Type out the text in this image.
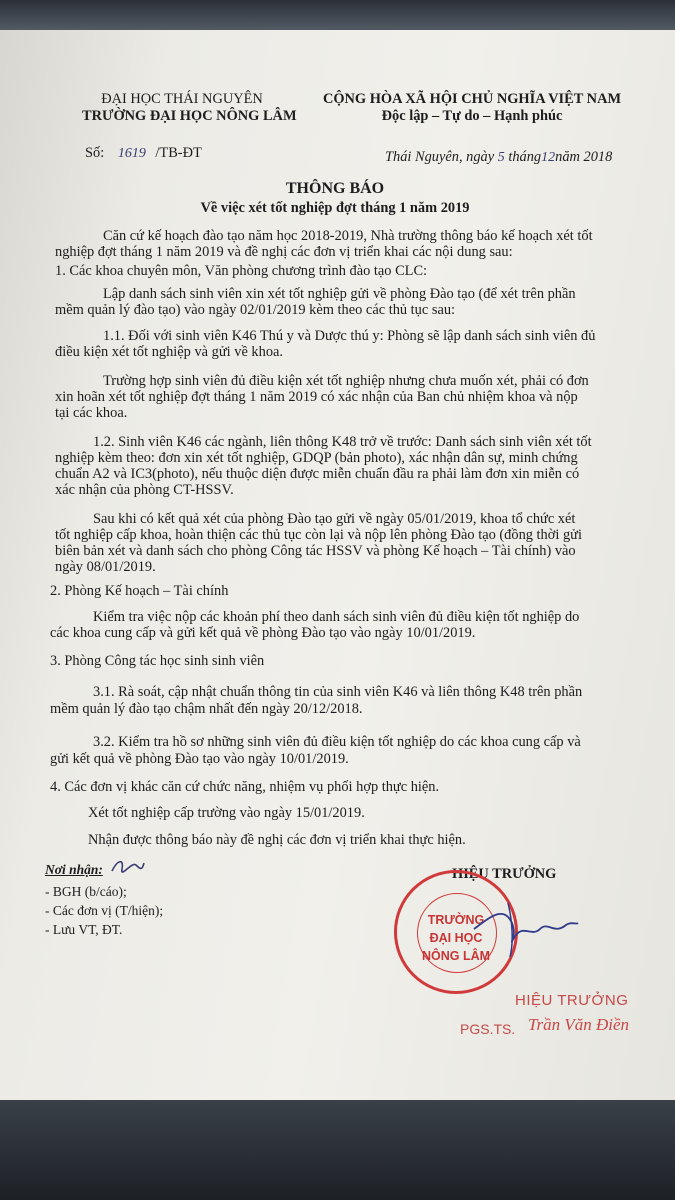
ĐẠI HỌC THÁI NGUYÊN
TRƯỜNG ĐẠI HỌC NÔNG LÂM
CỘNG HÒA XÃ HỘI CHỦ NGHĨA VIỆT NAM
Độc lập – Tự do – Hạnh phúc
Số: 1619 /TB-ĐT	Thái Nguyên, ngày 5 tháng12năm 2018
THÔNG BÁO
Về việc xét tốt nghiệp đợt tháng 1 năm 2019
Căn cứ kế hoạch đào tạo năm học 2018-2019, Nhà trường thông báo kế hoạch xét tốt
nghiệp đợt tháng 1 năm 2019 và đề nghị các đơn vị triển khai các nội dung sau:
1. Các khoa chuyên môn, Văn phòng chương trình đào tạo CLC:
Lập danh sách sinh viên xin xét tốt nghiệp gửi về phòng Đào tạo (để xét trên phần
mềm quản lý đào tạo) vào ngày 02/01/2019 kèm theo các thủ tục sau:
1.1. Đối với sinh viên K46 Thú y và Dược thú y: Phòng sẽ lập danh sách sinh viên đủ
điều kiện xét tốt nghiệp và gửi về khoa.
Trường hợp sinh viên đủ điều kiện xét tốt nghiệp nhưng chưa muốn xét, phải có đơn
xin hoãn xét tốt nghiệp đợt tháng 1 năm 2019 có xác nhận của Ban chủ nhiệm khoa và nộp
tại các khoa.
1.2. Sinh viên K46 các ngành, liên thông K48 trở về trước: Danh sách sinh viên xét tốt
nghiệp kèm theo: đơn xin xét tốt nghiệp, GDQP (bản photo), xác nhận dân sự, minh chứng
chuẩn A2 và IC3(photo), nếu thuộc diện được miễn chuẩn đầu ra phải làm đơn xin miễn có
xác nhận của phòng CT-HSSV.
Sau khi có kết quả xét của phòng Đào tạo gửi về ngày 05/01/2019, khoa tổ chức xét
tốt nghiệp cấp khoa, hoàn thiện các thủ tục còn lại và nộp lên phòng Đào tạo (đồng thời gửi
biên bản xét và danh sách cho phòng Công tác HSSV và phòng Kế hoạch – Tài chính) vào
ngày 08/01/2019.
2. Phòng Kế hoạch – Tài chính
Kiểm tra việc nộp các khoản phí theo danh sách sinh viên đủ điều kiện tốt nghiệp do
các khoa cung cấp và gửi kết quả về phòng Đào tạo vào ngày 10/01/2019.
3. Phòng Công tác học sinh sinh viên
3.1. Rà soát, cập nhật chuẩn thông tin của sinh viên K46 và liên thông K48 trên phần
mềm quản lý đào tạo chậm nhất đến ngày 20/12/2018.
3.2. Kiểm tra hồ sơ những sinh viên đủ điều kiện tốt nghiệp do các khoa cung cấp và
gửi kết quả về phòng Đào tạo vào ngày 10/01/2019.
4. Các đơn vị khác căn cứ chức năng, nhiệm vụ phối hợp thực hiện.
Xét tốt nghiệp cấp trường vào ngày 15/01/2019.
Nhận được thông báo này đề nghị các đơn vị triển khai thực hiện.
Nơi nhận:
- BGH (b/cáo);
- Các đơn vị (T/hiện);
- Lưu VT, ĐT.
HIỆU TRƯỞNG
TRƯỜNG
ĐẠI HỌC
NÔNG LÂM
HIỆU TRƯỞNG
PGS.TS. Trần Văn Điền
